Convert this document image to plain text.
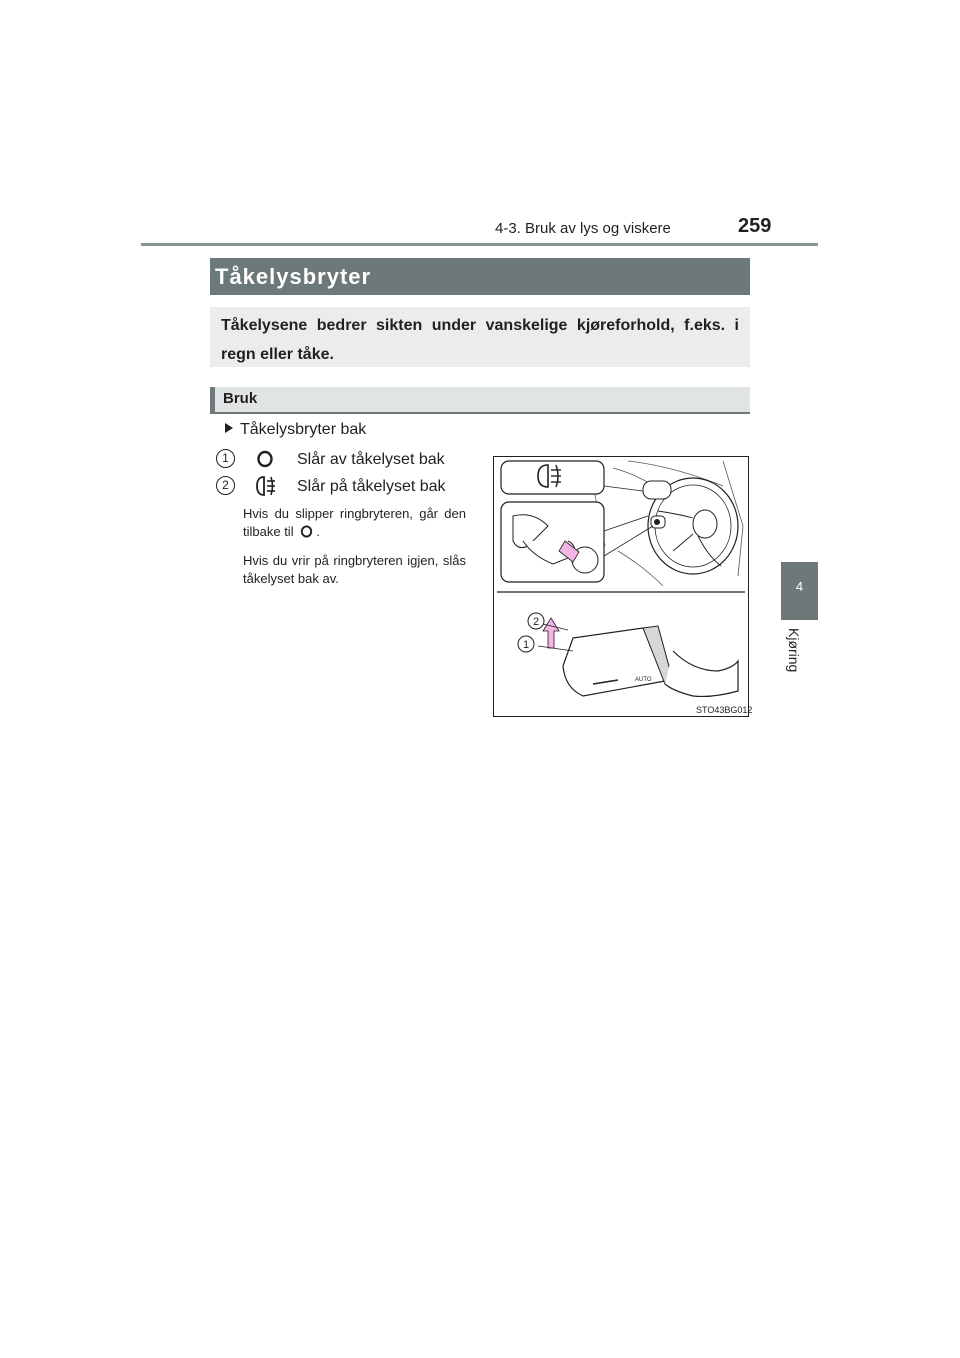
4-3. Bruk av lys og viskere	259
4
Kjøring
Tåkelysbryter
Tåkelysene bedrer sikten under vanskelige kjøreforhold, f.eks. i regn eller tåke.
Bruk
Tåkelysbryter bak
1	Slår av tåkelyset bak
2	Slår på tåkelyset bak
Hvis du slipper ringbryteren, går den tilbake til .
Hvis du vrir på ringbryteren igjen, slås tåkelyset bak av.
AUTO
2
1
STO43BG012
